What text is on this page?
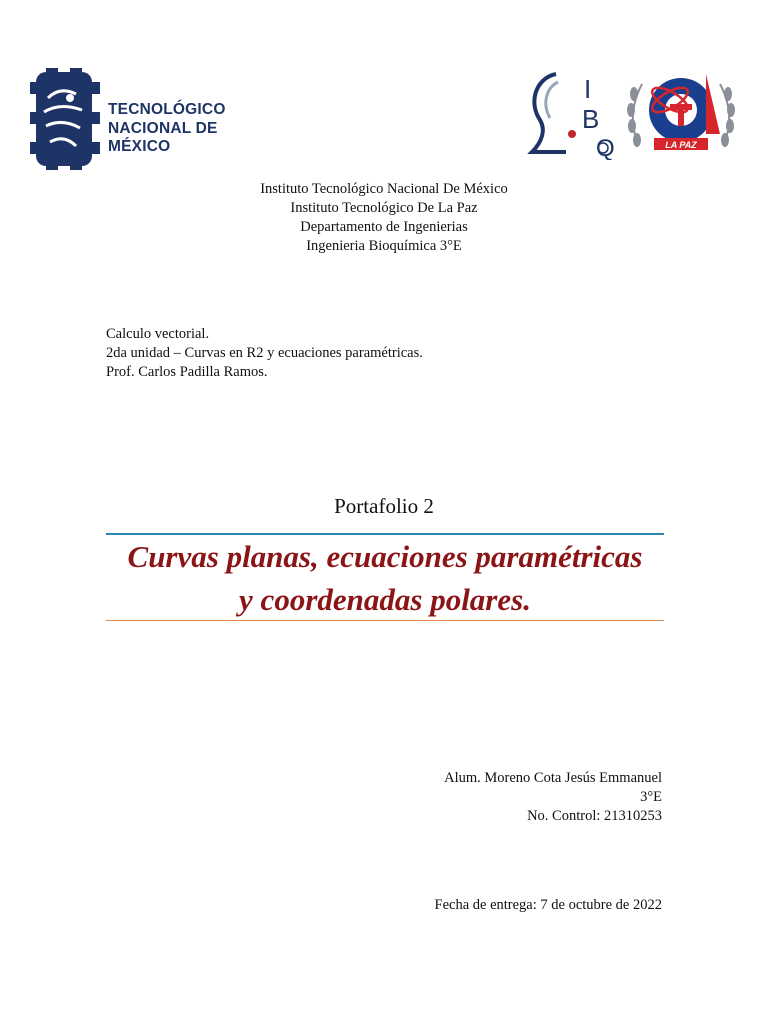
TECNOLÓGICO
NACIONAL DE MÉXICO
I
B
Q	LA PAZ
Instituto Tecnológico Nacional De México
Instituto Tecnológico De La Paz
Departamento de Ingenierias
Ingenieria Bioquímica 3°E
Calculo vectorial.
2da unidad – Curvas en R2 y ecuaciones paramétricas.
Prof. Carlos Padilla Ramos.
Portafolio 2
Curvas planas, ecuaciones paramétricas
y coordenadas polares.
Alum. Moreno Cota Jesús Emmanuel
3°E
No. Control: 21310253
Fecha de entrega: 7 de octubre de 2022
